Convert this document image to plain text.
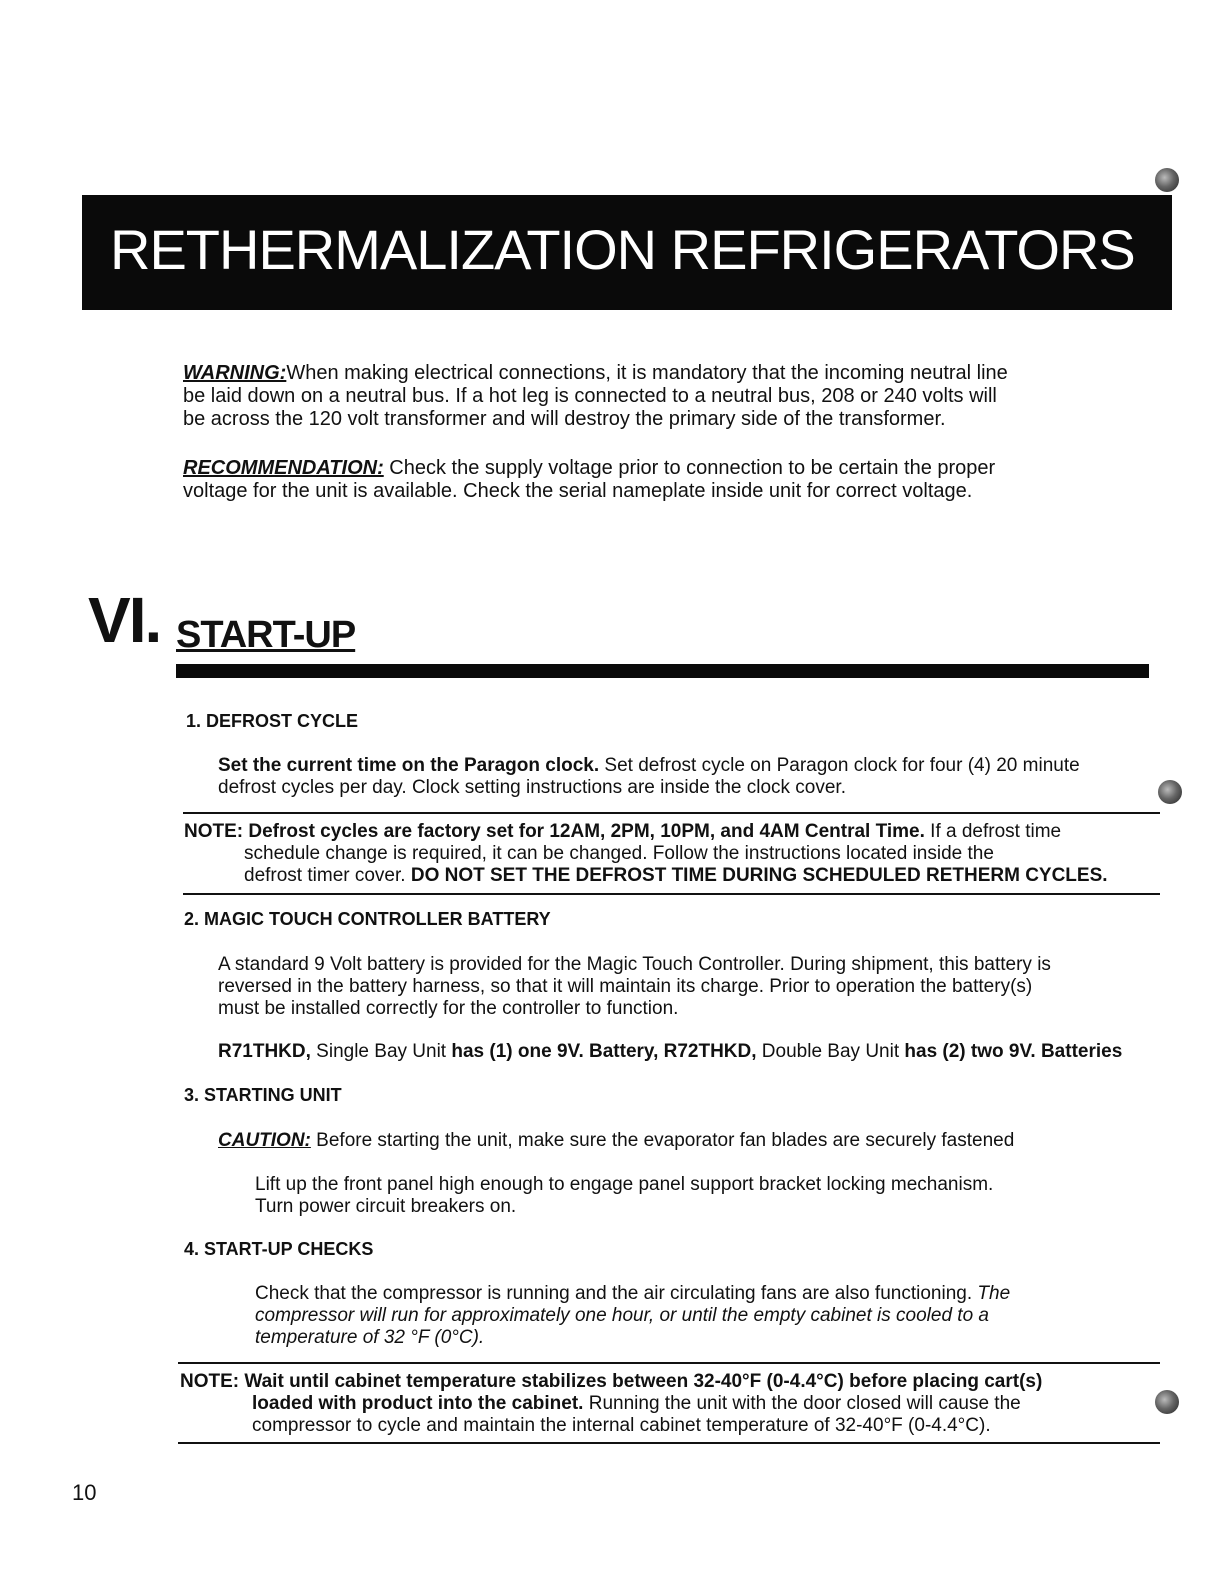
RETHERMALIZATION REFRIGERATORS
WARNING:When making electrical connections, it is mandatory that the incoming neutral line
be laid down on a neutral bus. If a hot leg is connected to a neutral bus, 208 or 240 volts will
be across the 120 volt transformer and will destroy the primary side of the transformer.
RECOMMENDATION: Check the supply voltage prior to connection to be certain the proper
voltage for the unit is available. Check the serial nameplate inside unit for correct voltage.
VI. START-UP
1. DEFROST CYCLE
Set the current time on the Paragon clock. Set defrost cycle on Paragon clock for four (4) 20 minute
defrost cycles per day. Clock setting instructions are inside the clock cover.
NOTE: Defrost cycles are factory set for 12AM, 2PM, 10PM, and 4AM Central Time. If a defrost time
schedule change is required, it can be changed. Follow the instructions located inside the
defrost timer cover. DO NOT SET THE DEFROST TIME DURING SCHEDULED RETHERM CYCLES.
2. MAGIC TOUCH CONTROLLER BATTERY
A standard 9 Volt battery is provided for the Magic Touch Controller. During shipment, this battery is
reversed in the battery harness, so that it will maintain its charge. Prior to operation the battery(s)
must be installed correctly for the controller to function.
R71THKD, Single Bay Unit has (1) one 9V. Battery, R72THKD, Double Bay Unit has (2) two 9V. Batteries
3. STARTING UNIT
CAUTION: Before starting the unit, make sure the evaporator fan blades are securely fastened
Lift up the front panel high enough to engage panel support bracket locking mechanism.
Turn power circuit breakers on.
4. START-UP CHECKS
Check that the compressor is running and the air circulating fans are also functioning. The
compressor will run for approximately one hour, or until the empty cabinet is cooled to a
temperature of 32 °F (0°C).
NOTE: Wait until cabinet temperature stabilizes between 32-40°F (0-4.4°C) before placing cart(s)
loaded with product into the cabinet. Running the unit with the door closed will cause the
compressor to cycle and maintain the internal cabinet temperature of 32-40°F (0-4.4°C).
10
